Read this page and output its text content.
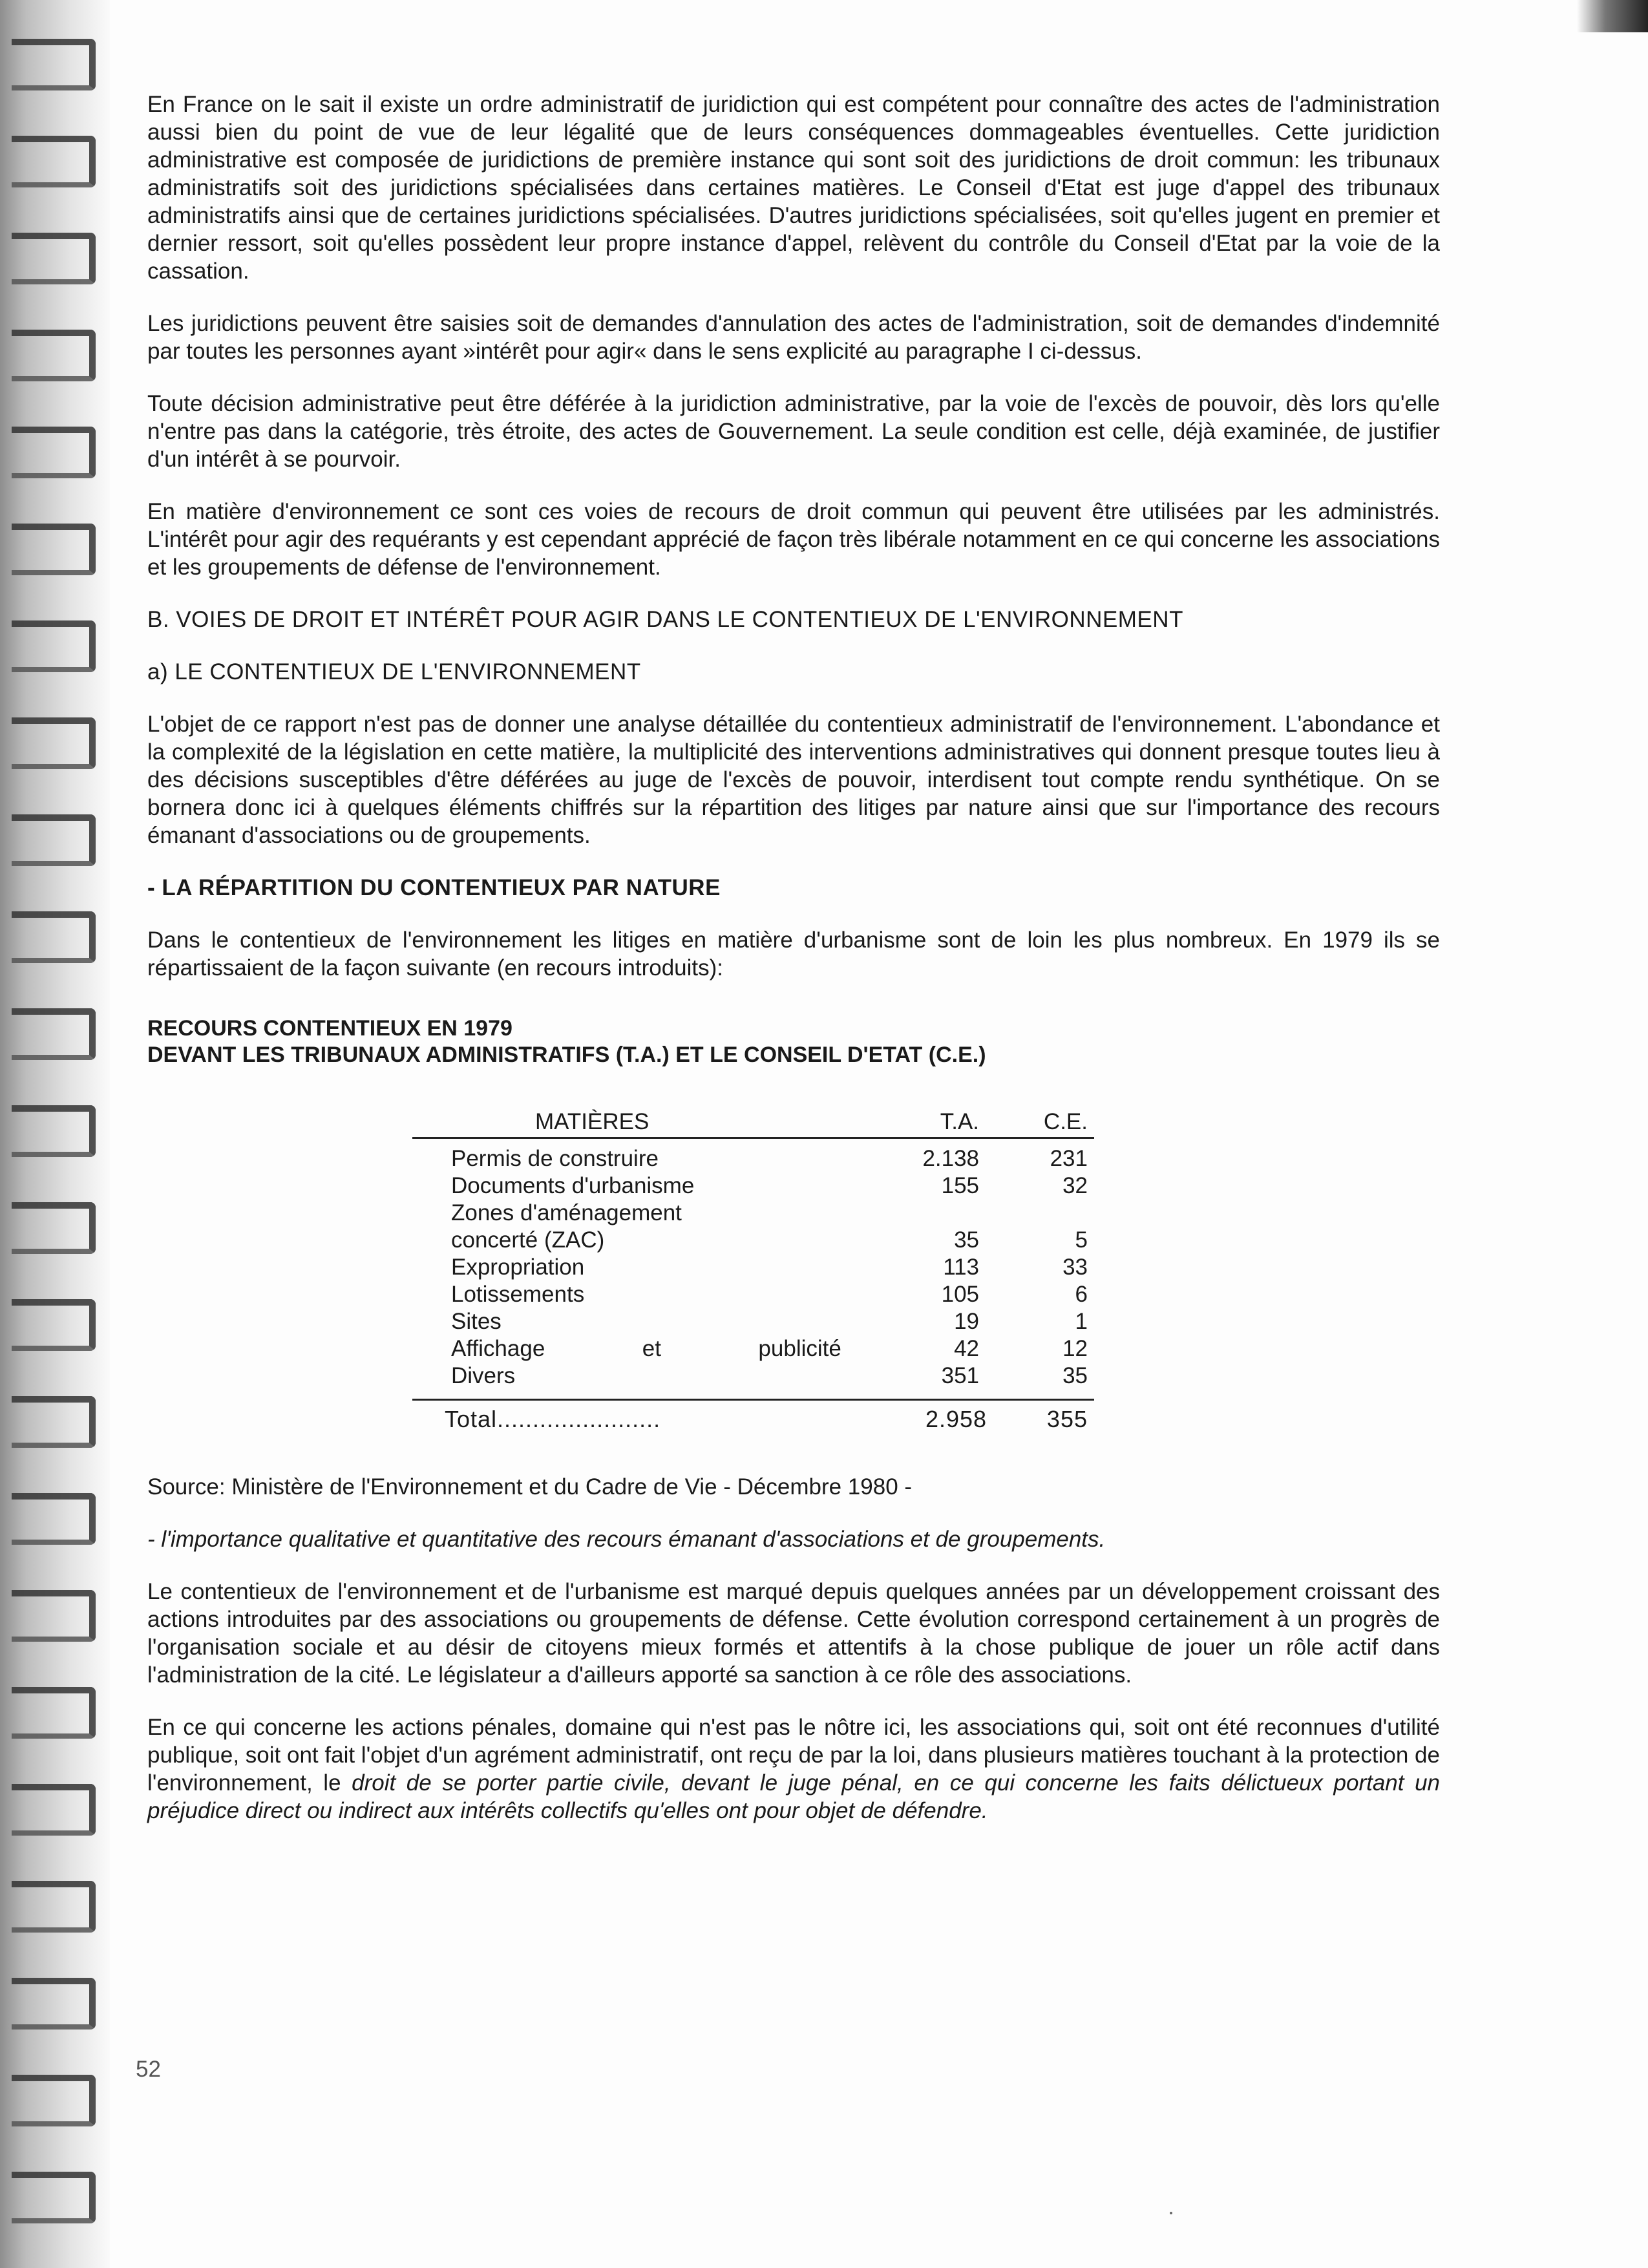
En France on le sait il existe un ordre administratif de juridiction qui est compétent pour connaître des actes de l'administration aussi bien du point de vue de leur légalité que de leurs conséquences dommageables éventuelles. Cette juridiction administrative est composée de juridictions de première instance qui sont soit des juridictions de droit commun: les tribunaux administratifs soit des juridictions spécialisées dans certaines matières. Le Conseil d'Etat est juge d'appel des tribunaux administratifs ainsi que de certaines juridictions spécialisées. D'autres juridictions spécialisées, soit qu'elles jugent en premier et dernier ressort, soit qu'elles possèdent leur propre instance d'appel, relèvent du contrôle du Conseil d'Etat par la voie de la cassation.

Les juridictions peuvent être saisies soit de demandes d'annulation des actes de l'administration, soit de demandes d'indemnité par toutes les personnes ayant »intérêt pour agir« dans le sens explicité au paragraphe I ci-dessus.

Toute décision administrative peut être déférée à la juridiction administrative, par la voie de l'excès de pouvoir, dès lors qu'elle n'entre pas dans la catégorie, très étroite, des actes de Gouvernement. La seule condition est celle, déjà examinée, de justifier d'un intérêt à se pourvoir.

En matière d'environnement ce sont ces voies de recours de droit commun qui peuvent être utilisées par les administrés. L'intérêt pour agir des requérants y est cependant apprécié de façon très libérale notamment en ce qui concerne les associations et les groupements de défense de l'environnement.

B. VOIES DE DROIT ET INTÉRÊT POUR AGIR DANS LE CONTENTIEUX DE L'ENVIRONNEMENT
a) LE CONTENTIEUX DE L'ENVIRONNEMENT

L'objet de ce rapport n'est pas de donner une analyse détaillée du contentieux administratif de l'environnement. L'abondance et la complexité de la législation en cette matière, la multiplicité des interventions administratives qui donnent presque toutes lieu à des décisions susceptibles d'être déférées au juge de l'excès de pouvoir, interdisent tout compte rendu synthétique. On se bornera donc ici à quelques éléments chiffrés sur la répartition des litiges par nature ainsi que sur l'importance des recours émanant d'associations ou de groupements.

- LA RÉPARTITION DU CONTENTIEUX PAR NATURE

Dans le contentieux de l'environnement les litiges en matière d'urbanisme sont de loin les plus nombreux. En 1979 ils se répartissaient de la façon suivante (en recours introduits):

RECOURS CONTENTIEUX EN 1979
DEVANT LES TRIBUNAUX ADMINISTRATIFS (T.A.) ET LE CONSEIL D'ETAT (C.E.)
MATIÈRES	T.A.	C.E.
Permis de construire	2.138	231
Documents d'urbanisme	155	32
Zones d'aménagement		
concerté (ZAC)	35	5
Expropriation	113	33
Lotissements	105	6
Sites	19	1

Affichage et publicité	42	12
Divers	351	35
Total.......................	2.958	355

Source: Ministère de l'Environnement et du Cadre de Vie - Décembre 1980 -

- l'importance qualitative et quantitative des recours émanant d'associations et de groupements.

Le contentieux de l'environnement et de l'urbanisme est marqué depuis quelques années par un développement croissant des actions introduites par des associations ou groupements de défense. Cette évolution correspond certainement à un progrès de l'organisation sociale et au désir de citoyens mieux formés et attentifs à la chose publique de jouer un rôle actif dans l'administration de la cité. Le législateur a d'ailleurs apporté sa sanction à ce rôle des associations.

En ce qui concerne les actions pénales, domaine qui n'est pas le nôtre ici, les associations qui, soit ont été reconnues d'utilité publique, soit ont fait l'objet d'un agrément administratif, ont reçu de par la loi, dans plusieurs matières touchant à la protection de l'environnement, le droit de se porter partie civile, devant le juge pénal, en ce qui concerne les faits délictueux portant un préjudice direct ou indirect aux intérêts collectifs qu'elles ont pour objet de défendre.

52
